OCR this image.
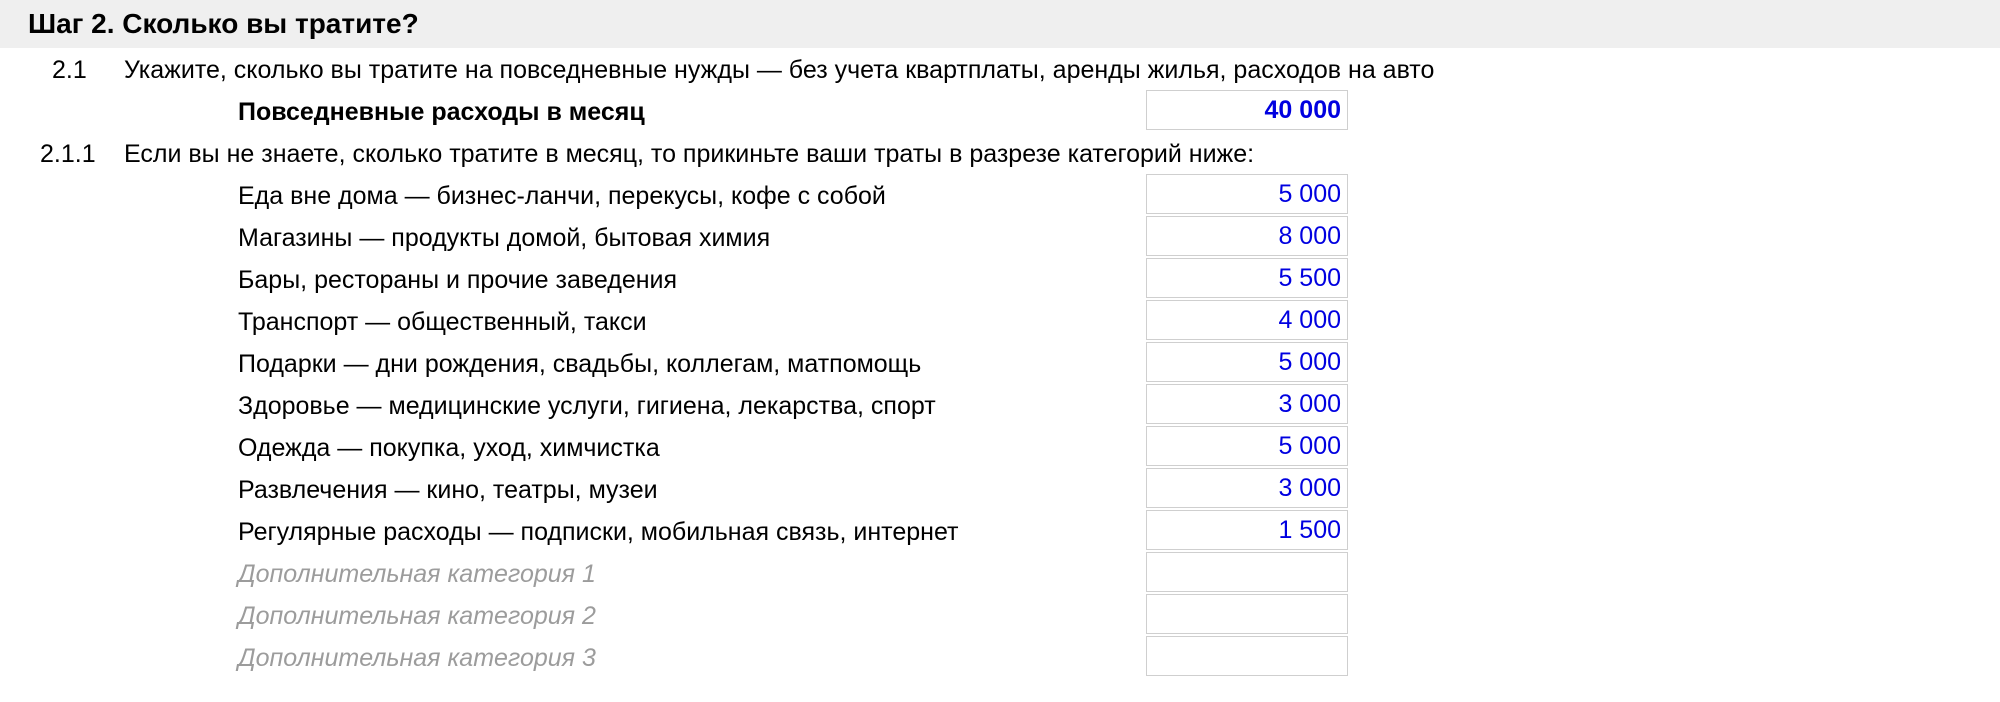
Шаг 2. Сколько вы тратите?
2.1 Укажите, сколько вы тратите на повседневные нужды — без учета квартплаты, аренды жилья, расходов на авто
Повседневные расходы в месяц	40 000
2.1.1 Если вы не знаете, сколько тратите в месяц, то прикиньте ваши траты в разрезе категорий ниже:
Еда вне дома — бизнес-ланчи, перекусы, кофе с собой	5 000
Магазины — продукты домой, бытовая химия	8 000
Бары, рестораны и прочие заведения	5 500
Транспорт — общественный, такси	4 000
Подарки — дни рождения, свадьбы, коллегам, матпомощь	5 000
Здоровье — медицинские услуги, гигиена, лекарства, спорт	3 000
Одежда — покупка, уход, химчистка	5 000
Развлечения — кино, театры, музеи	3 000
Регулярные расходы — подписки, мобильная связь, интернет	1 500
Дополнительная категория 1
Дополнительная категория 2
Дополнительная категория 3
